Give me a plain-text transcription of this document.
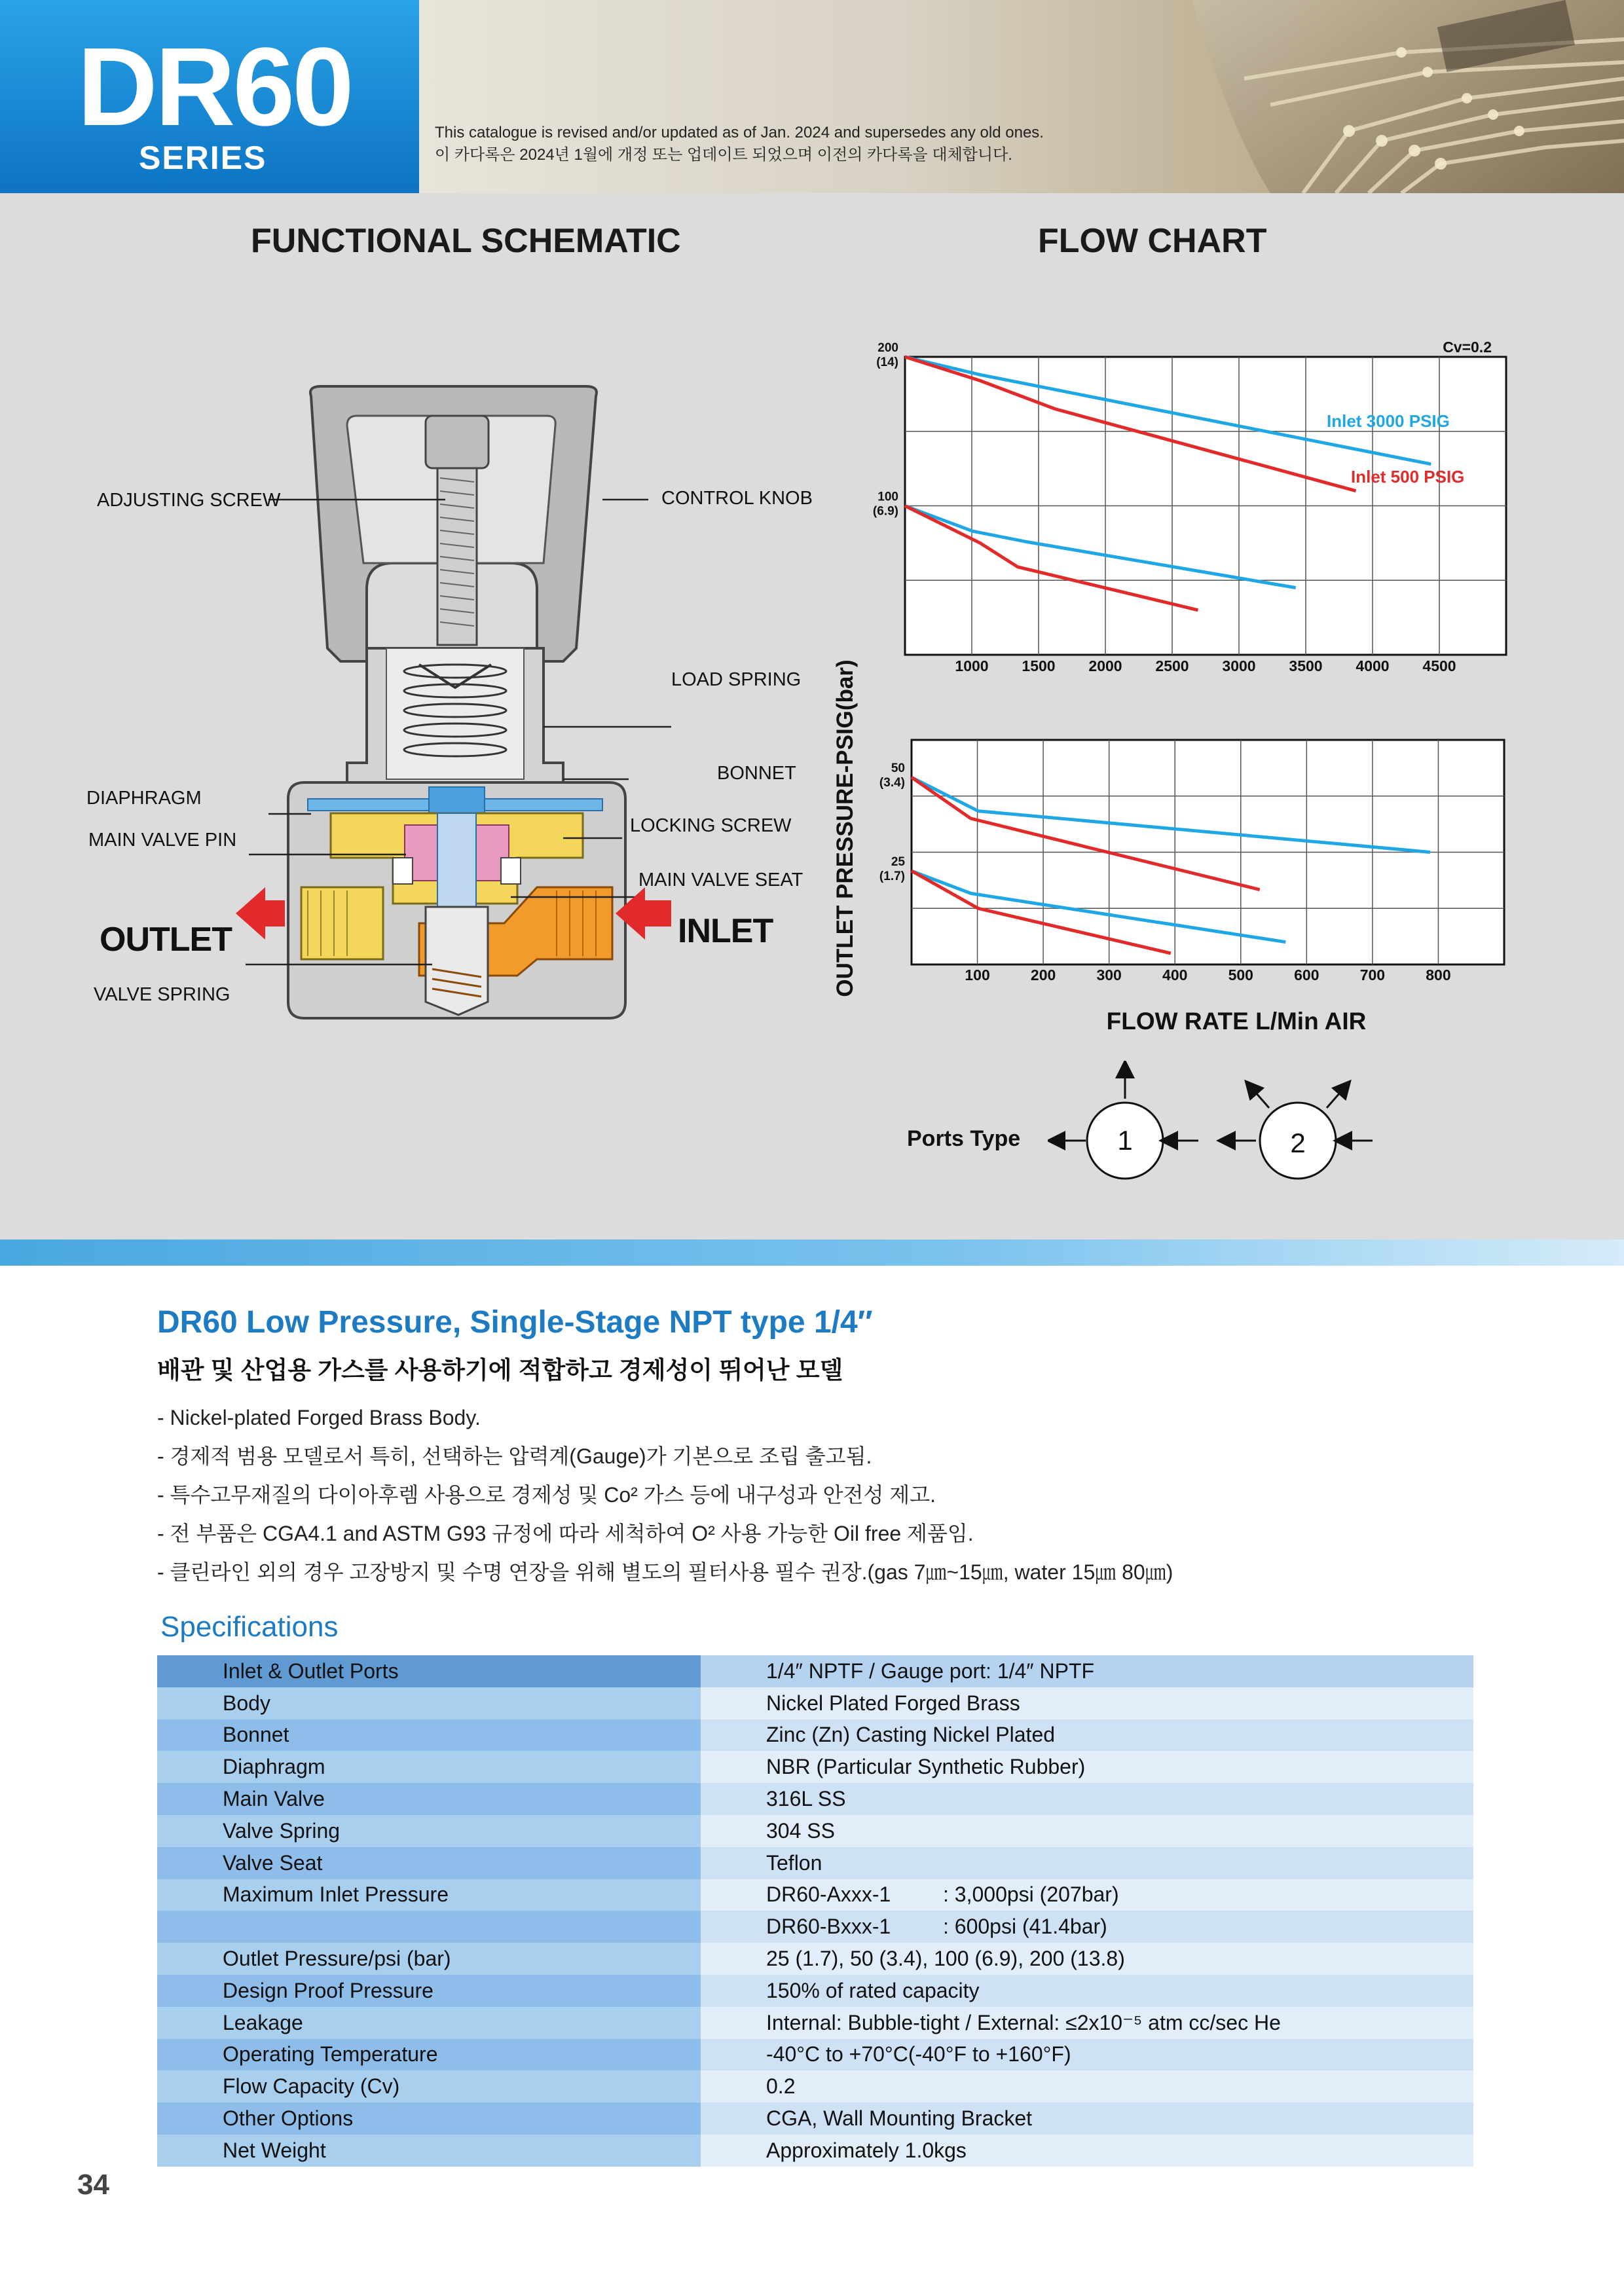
DR60
SERIES
This catalogue is revised and/or updated as of Jan. 2024 and supersedes any old ones.
이 카다록은 2024년 1월에 개정 또는 업데이트 되었으며 이전의 카다록을 대체합니다.
FUNCTIONAL SCHEMATIC	FLOW CHART
ADJUSTING SCREW	CONTROL KNOB
LOAD SPRING
BONNET
DIAPHRAGM
LOCKING SCREW
MAIN VALVE PIN
MAIN VALVE SEAT
OUTLET	INLET
VALVE SPRING
1000 1500 2000 2500 3000 3500 4000 4500
200
(14)
100
(6.9)
100	200	300	400	500	600	700	800
50
(3.4)
25
(1.7)
OUTLET PRESSURE-PSIG(bar)
FLOW RATE L/Min AIR
Cv=0.2
Inlet 3000 PSIG
Inlet 500 PSIG
Ports Type	1	2
DR60 Low Pressure, Single-Stage NPT type 1/4″
배관 및 산업용 가스를 사용하기에 적합하고 경제성이 뛰어난 모델
- Nickel-plated Forged Brass Body.
- 경제적 범용 모델로서 특히, 선택하는 압력계(Gauge)가 기본으로 조립 출고됨.
- 특수고무재질의 다이아후렘 사용으로 경제성 및 Co² 가스 등에 내구성과 안전성 제고.
- 전 부품은 CGA4.1 and ASTM G93 규정에 따라 세척하여 O² 사용 가능한 Oil free 제품임.
- 클린라인 외의 경우 고장방지 및 수명 연장을 위해 별도의 필터사용 필수 권장.(gas 7㎛~15㎛, water 15㎛ 80㎛)
Specifications
Inlet & Outlet Ports	1/4″ NPTF / Gauge port: 1/4″ NPTF
Body	Nickel Plated Forged Brass
Bonnet	Zinc (Zn) Casting Nickel Plated
Diaphragm	NBR (Particular Synthetic Rubber)
Main Valve	316L SS
Valve Spring	304 SS
Valve Seat	Teflon
Maximum Inlet Pressure	DR60-Axxx-1 : 3,000psi (207bar)
	DR60-Bxxx-1 : 600psi (41.4bar)
Outlet Pressure/psi (bar)	25 (1.7), 50 (3.4), 100 (6.9), 200 (13.8)
Design Proof Pressure	150% of rated capacity
Leakage	Internal: Bubble-tight / External: ≤2x10⁻⁵ atm cc/sec He
Operating Temperature	-40°C to +70°C(-40°F to +160°F)
Flow Capacity (Cv)	0.2
Other Options	CGA, Wall Mounting Bracket
Net Weight	Approximately 1.0kgs
34
